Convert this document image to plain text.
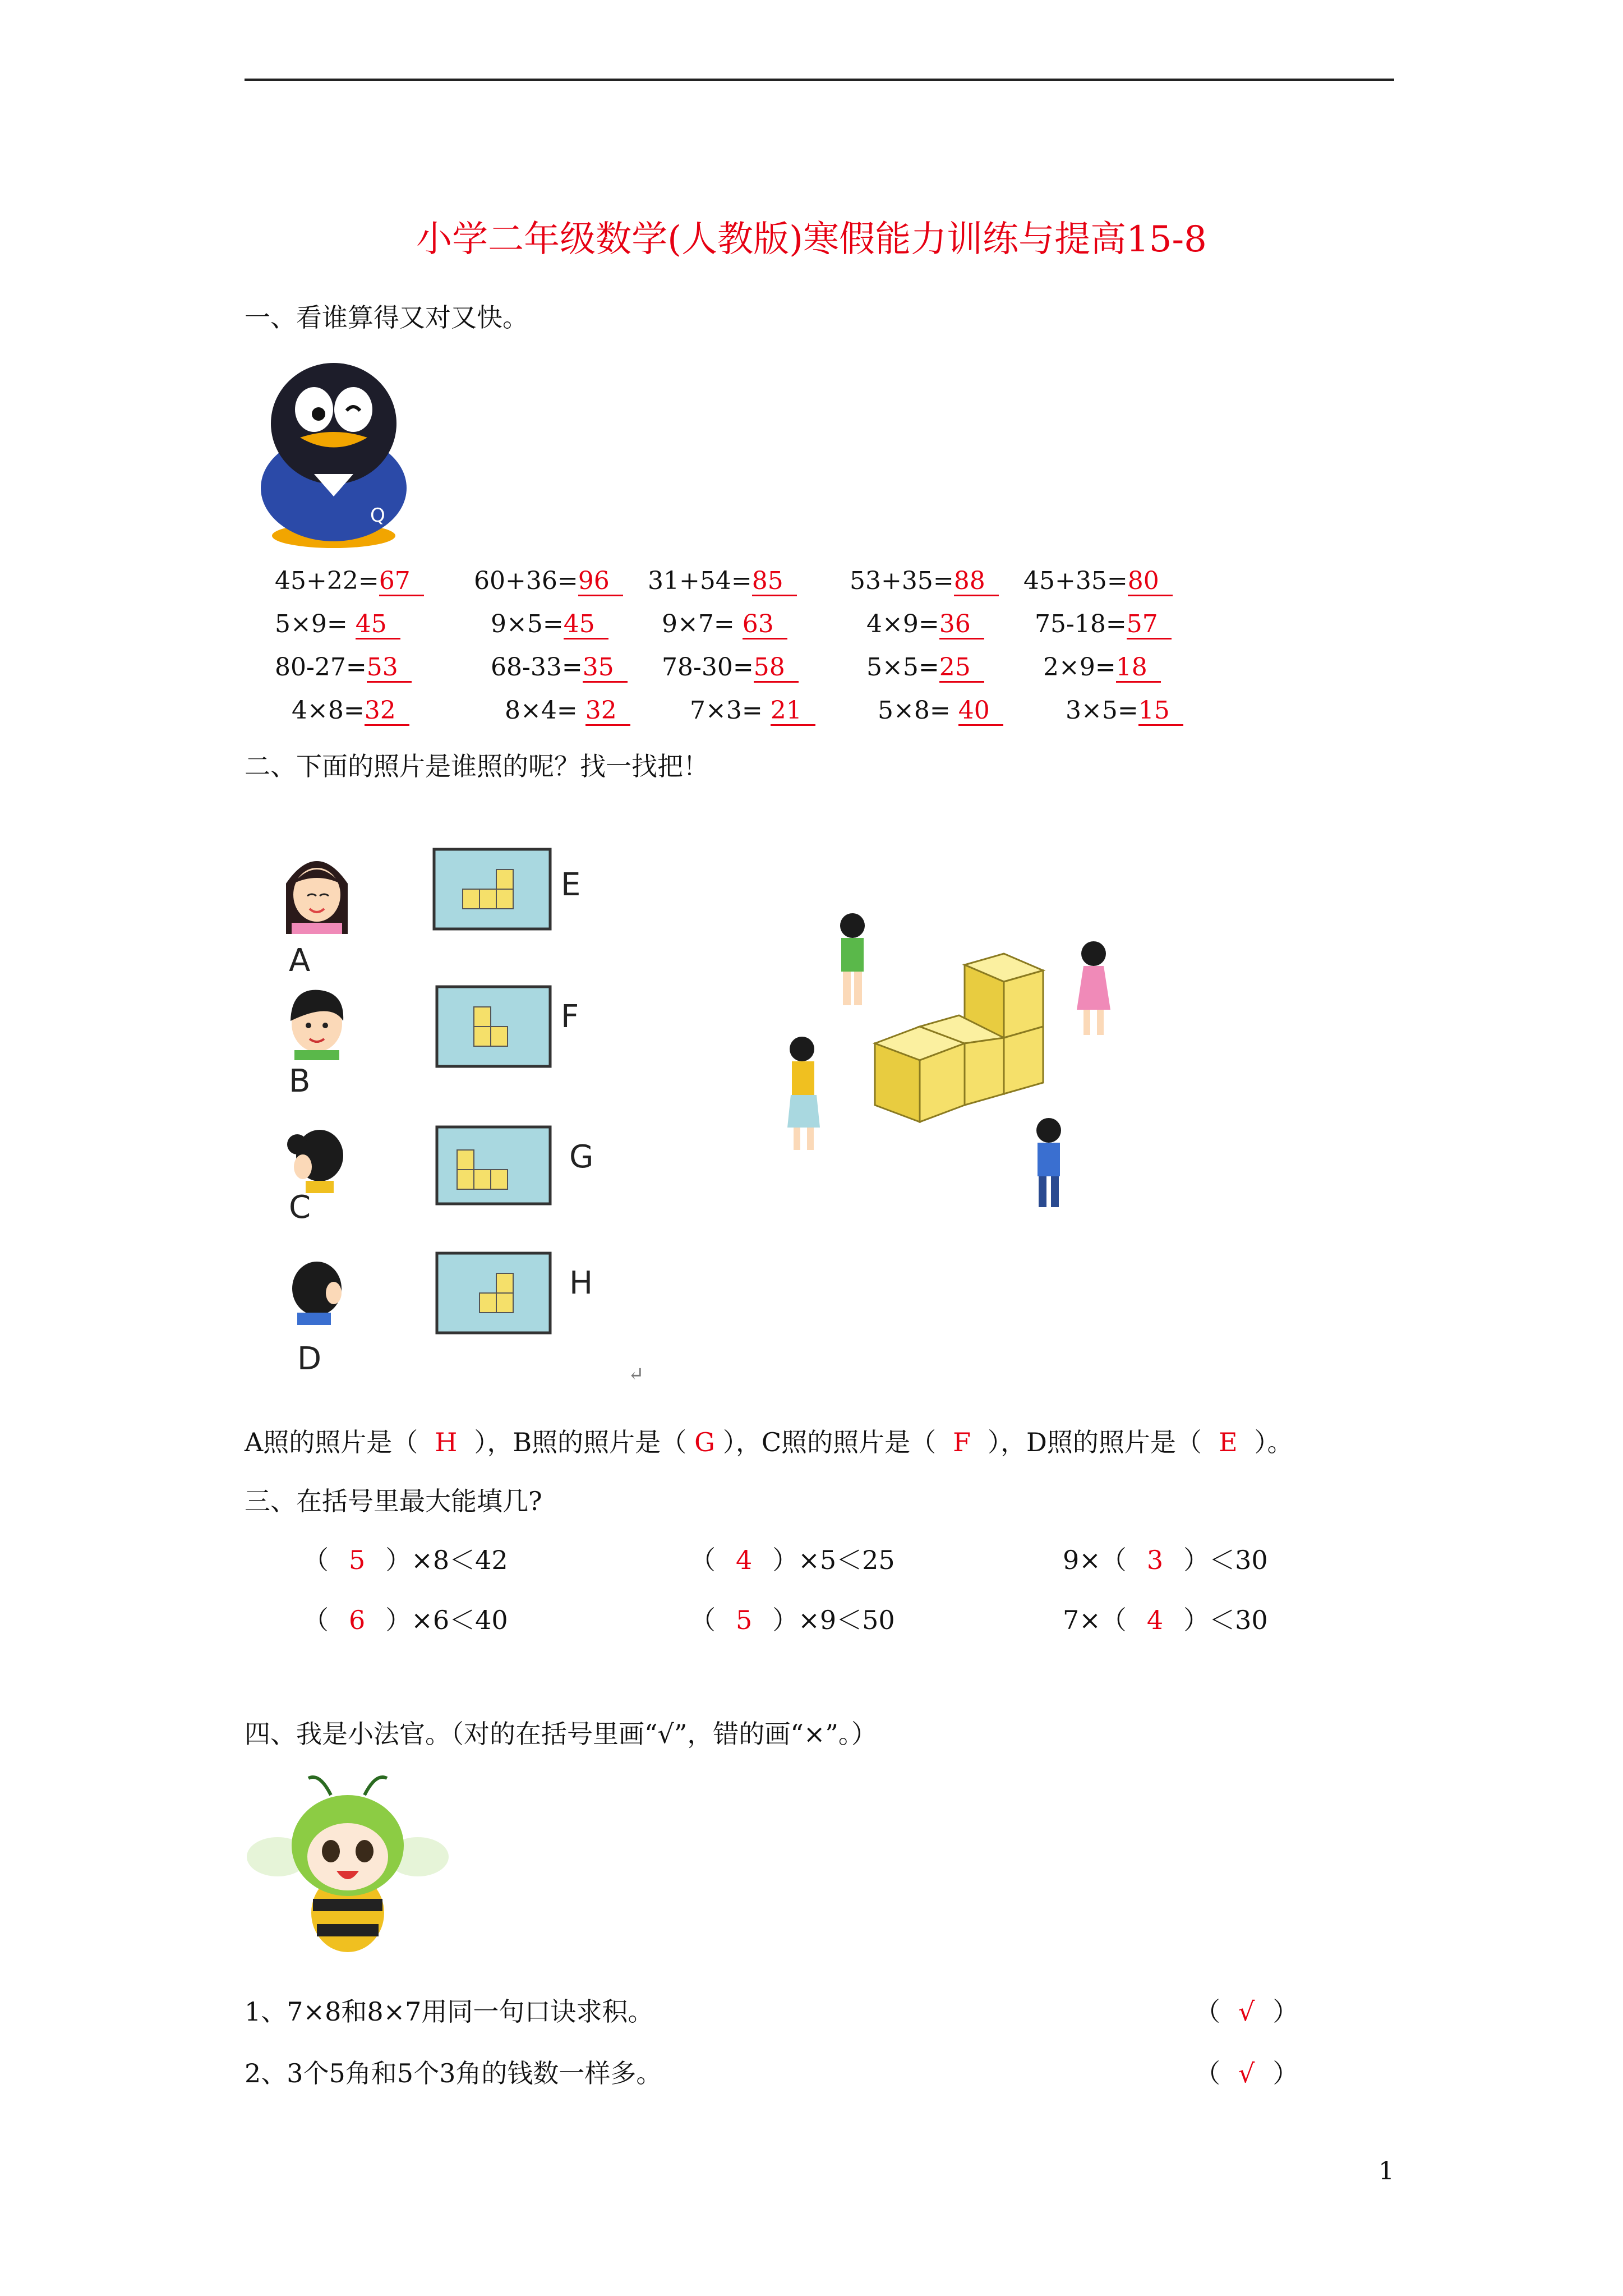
小学二年级数学(人教版)寒假能力训练与提高15-8
一、看谁算得又对又快。
Q
45+22=67	60+36=96	31+54=85	53+35=88	45+35=80
5×9= 45	9×5=45	9×7= 63	4×9=36	75-18=57
80-27=53	68-33=35	78-30=58	5×5=25	2×9=18
4×8=32	8×4= 32	7×3= 21	5×8= 40	3×5=15
二、下面的照片是谁照的呢？找一找把！
A
B
C
D
E
F
G
H
↵
A照的照片是（ H ），B照的照片是（ G ），C照的照片是（ F ），D照的照片是（ E ）。
三、在括号里最大能填几?
（ 5 ）×8＜42	（ 4 ）×5＜25	9×（ 3 ）＜30
（ 6 ）×6＜40	（ 5 ）×9＜50	7×（ 4 ）＜30
四、我是小法官。（对的在括号里画“√”，错的画“×”。）
1、7×8和8×7用同一句口诀求积。	（ √ ）
2、3个5角和5个3角的钱数一样多。	（ √ ）
1
